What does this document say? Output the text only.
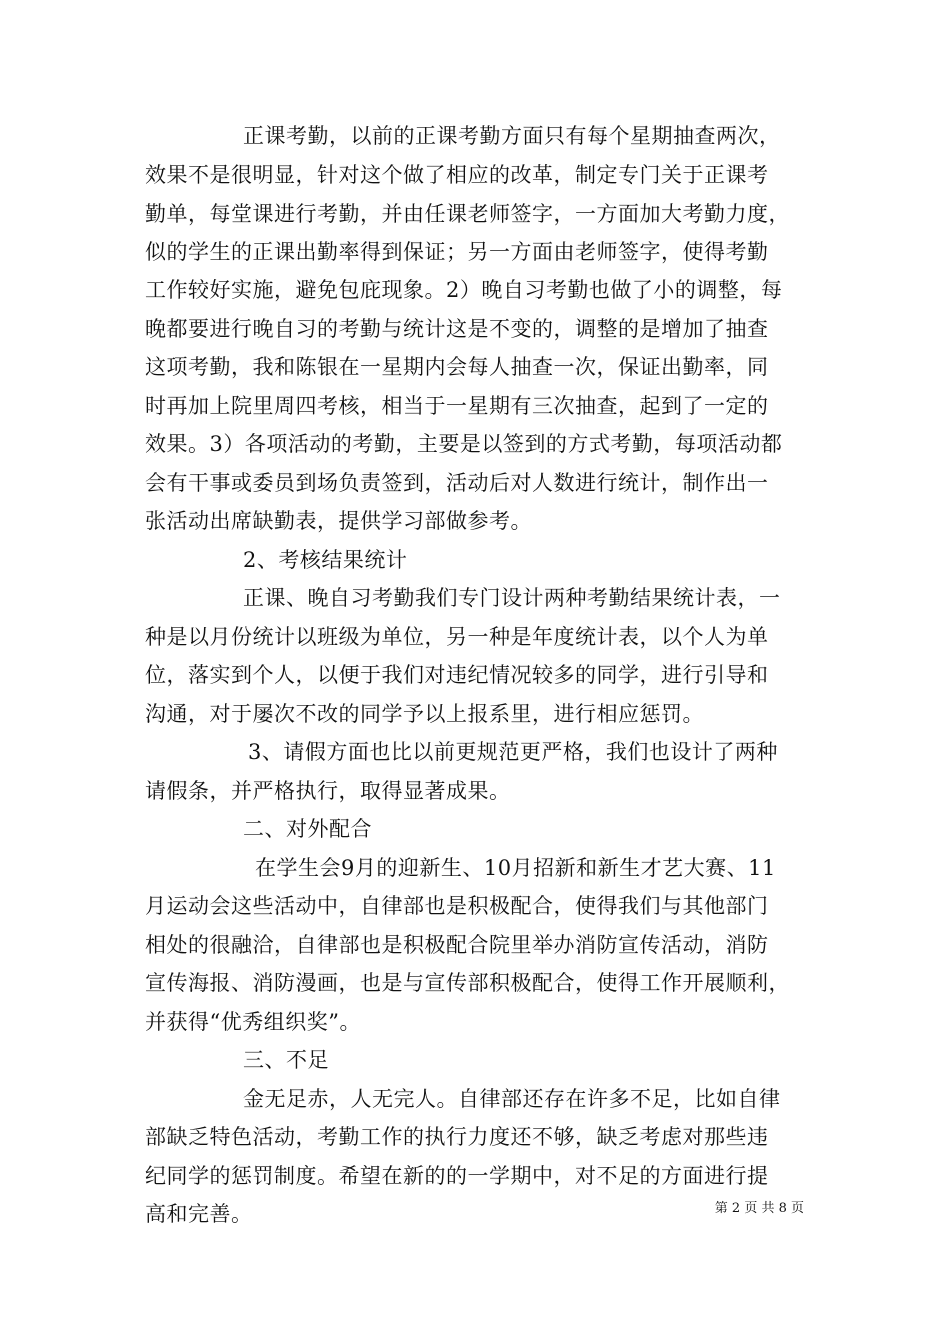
正课考勤，以前的正课考勤方面只有每个星期抽查两次，
效果不是很明显，针对这个做了相应的改革，制定专门关于正课考
勤单，每堂课进行考勤，并由任课老师签字，一方面加大考勤力度，
似的学生的正课出勤率得到保证；另一方面由老师签字，使得考勤
工作较好实施，避免包庇现象。2）晚自习考勤也做了小的调整，每
晚都要进行晚自习的考勤与统计这是不变的，调整的是增加了抽查
这项考勤，我和陈银在一星期内会每人抽查一次，保证出勤率，同
时再加上院里周四考核，相当于一星期有三次抽查，起到了一定的
效果。3）各项活动的考勤，主要是以签到的方式考勤，每项活动都
会有干事或委员到场负责签到，活动后对人数进行统计，制作出一
张活动出席缺勤表，提供学习部做参考。
2、考核结果统计
正课、晚自习考勤我们专门设计两种考勤结果统计表，一
种是以月份统计以班级为单位，另一种是年度统计表，以个人为单
位，落实到个人，以便于我们对违纪情况较多的同学，进行引导和
沟通，对于屡次不改的同学予以上报系里，进行相应惩罚。
3、请假方面也比以前更规范更严格，我们也设计了两种
请假条，并严格执行，取得显著成果。
二、对外配合
在学生会9月的迎新生、10月招新和新生才艺大赛、11
月运动会这些活动中，自律部也是积极配合，使得我们与其他部门
相处的很融洽，自律部也是积极配合院里举办消防宣传活动，消防
宣传海报、消防漫画，也是与宣传部积极配合，使得工作开展顺利，
并获得“优秀组织奖”。
三、不足
金无足赤，人无完人。自律部还存在许多不足，比如自律
部缺乏特色活动，考勤工作的执行力度还不够，缺乏考虑对那些违
纪同学的惩罚制度。希望在新的的一学期中，对不足的方面进行提
高和完善。	第 2 页 共 8 页
